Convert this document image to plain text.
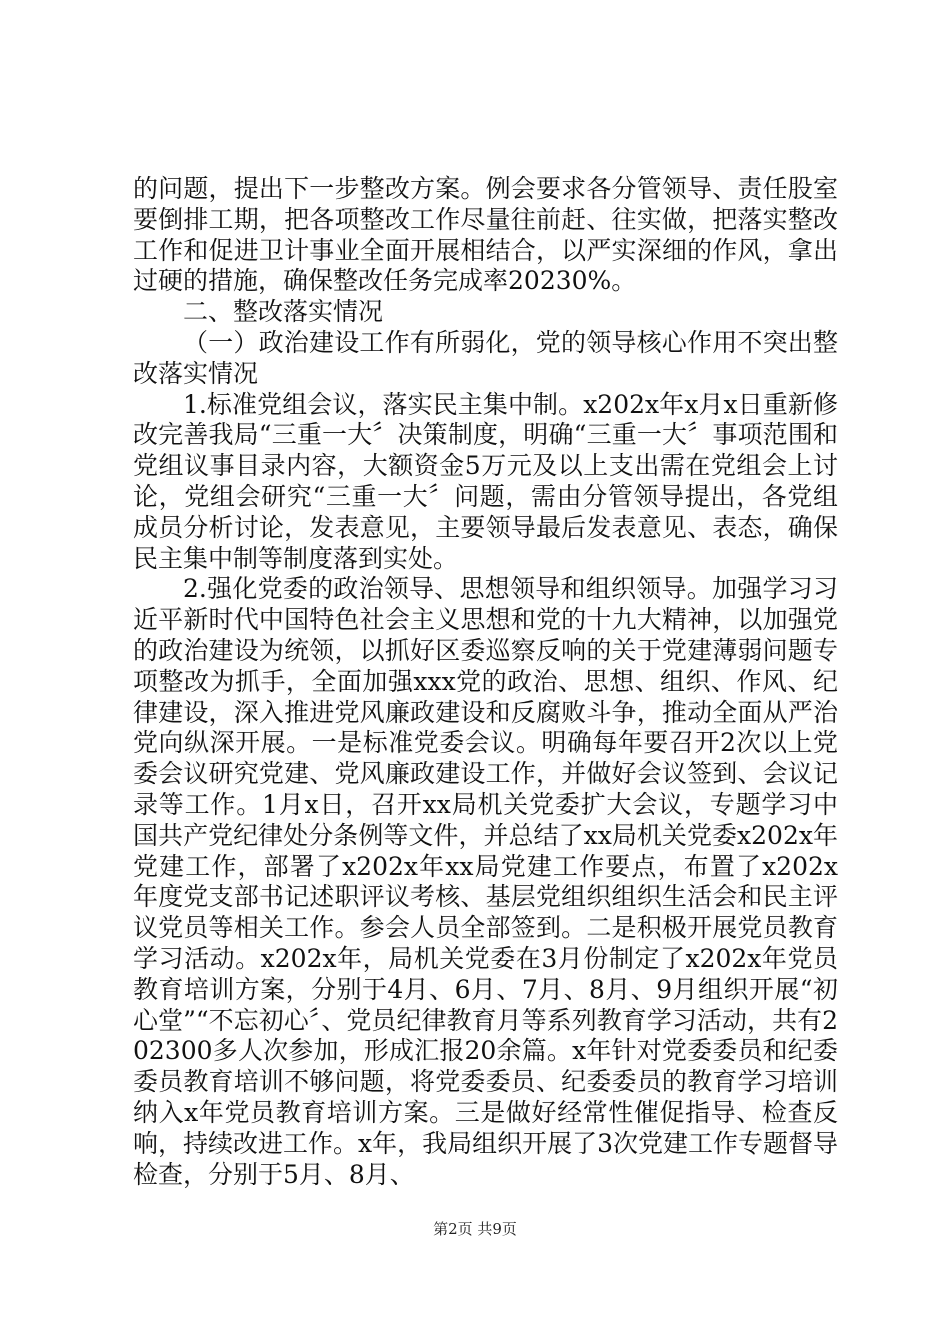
的问题，提出下一步整改方案。例会要求各分管领导、责任股室要倒排工期，把各项整改工作尽量往前赶、往实做，把落实整改工作和促进卫计事业全面开展相结合，以严实深细的作风，拿出过硬的措施，确保整改任务完成率20230%。

二、整改落实情况

（一）政治建设工作有所弱化，党的领导核心作用不突出整改落实情况

1.标准党组会议，落实民主集中制。x202x年x月x日重新修改完善我局“三重一大〞决策制度，明确“三重一大〞事项范围和党组议事目录内容，大额资金5万元及以上支出需在党组会上讨论，党组会研究“三重一大〞问题，需由分管领导提出，各党组成员分析讨论，发表意见，主要领导最后发表意见、表态，确保民主集中制等制度落到实处。

2.强化党委的政治领导、思想领导和组织领导。加强学习习近平新时代中国特色社会主义思想和党的十九大精神，以加强党的政治建设为统领，以抓好区委巡察反响的关于党建薄弱问题专项整改为抓手，全面加强xxx党的政治、思想、组织、作风、纪律建设，深入推进党风廉政建设和反腐败斗争，推动全面从严治党向纵深开展。一是标准党委会议。明确每年要召开2次以上党委会议研究党建、党风廉政建设工作，并做好会议签到、会议记录等工作。1月x日，召开xx局机关党委扩大会议，专题学习中国共产党纪律处分条例等文件，并总结了xx局机关党委x202x年党建工作，部署了x202x年xx局党建工作要点，布置了x202x年度党支部书记述职评议考核、基层党组织组织生活会和民主评议党员等相关工作。参会人员全部签到。二是积极开展党员教育学习活动。x202x年，局机关党委在3月份制定了x202x年党员教育培训方案，分别于4月、6月、7月、8月、9月组织开展“初心堂”“不忘初心〞、党员纪律教育月等系列教育学习活动，共有202300多人次参加，形成汇报20余篇。x年针对党委委员和纪委委员教育培训不够问题，将党委委员、纪委委员的教育学习培训纳入x年党员教育培训方案。三是做好经常性催促指导、检查反响，持续改进工作。x年，我局组织开展了3次党建工作专题督导检查，分别于5月、8月、

第2页 共9页
